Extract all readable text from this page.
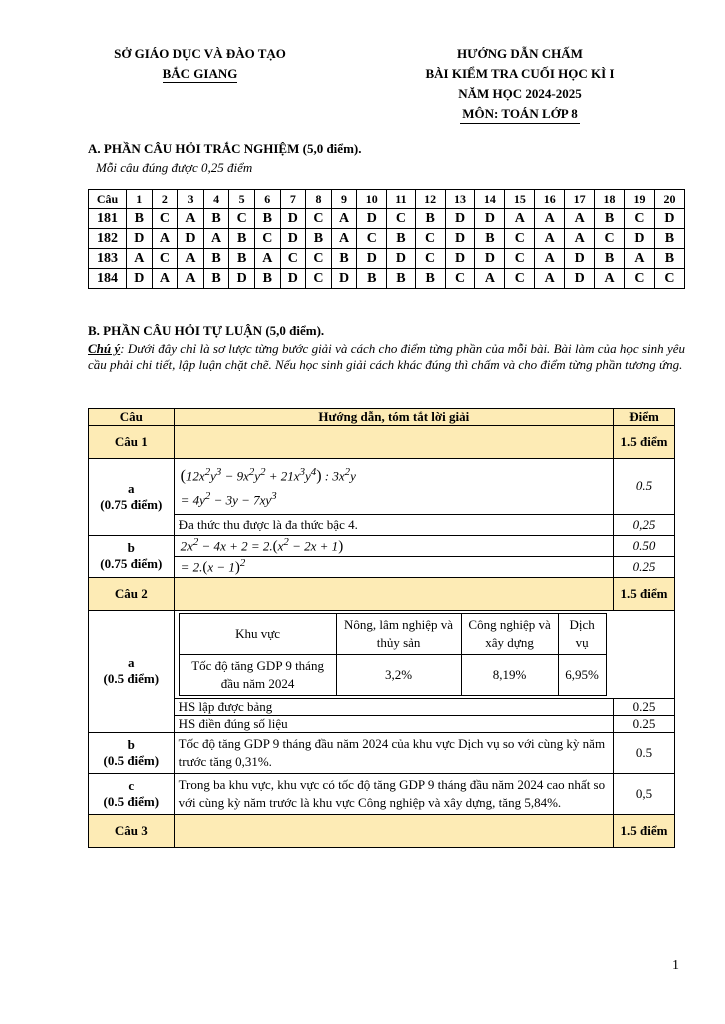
SỞ GIÁO DỤC VÀ ĐÀO TẠO
BẮC GIANG
HƯỚNG DẪN CHẤM
BÀI KIỂM TRA CUỐI HỌC KÌ I
NĂM HỌC 2024-2025
MÔN: TOÁN LỚP 8
A. PHẦN CÂU HỎI TRẮC NGHIỆM (5,0 điểm).
Mỗi câu đúng được 0,25 điểm
Câu	1	2	3	4	5	6	7	8	9	10	11	12	13	14	15	16	17	18	19	20
181	B	C	A	B	C	B	D	C	A	D	C	B	D	D	A	A	A	B	C	D
182	D	A	D	A	B	C	D	B	A	C	B	C	D	B	C	A	A	C	D	B
183	A	C	A	B	B	A	C	C	B	D	D	C	D	D	C	A	D	B	A	B
184	D	A	A	B	D	B	D	C	D	B	B	B	C	A	C	A	D	A	C	C
B. PHẦN CÂU HỎI TỰ LUẬN (5,0 điểm).
Chú ý: Dưới đây chỉ là sơ lược từng bước giải và cách cho điểm từng phần của mỗi bài. Bài làm của học sinh yêu cầu phải chi tiết, lập luận chặt chẽ. Nếu học sinh giải cách khác đúng thì chấm và cho điểm từng phần tương ứng.
Câu	Hướng dẫn, tóm tắt lời giải	Điểm
Câu 1		1.5 điểm

a
(0.75 điểm)

$(12x^2y^3 - 9x^2y^2 + 21x^3y^4)$ : $3x^2y$
= $4y^2 - 3y - 7xy^3$
	0.5
Đa thức thu được là đa thức bậc 4.	0,25

b
(0.75 điểm)
	$2x^2 - 4x + 2 = 2.(x^2 - 2x + 1)$	0.50
= $2.(x - 1)^2$	0.25
Câu 2		1.5 điểm

a
(0.5 điểm)

Khu vực	Nông, lâm nghiệp và thủy sản	Công nghiệp và xây dựng	Dịch vụ
Tốc độ tăng GDP 9 tháng đầu năm 2024	3,2%	8,19%	6,95%

HS lập được bảng	0.25
HS điền đúng số liệu	0.25

b
(0.5 điểm)
	Tốc độ tăng GDP 9 tháng đầu năm 2024 của khu vực Dịch vụ so với cùng kỳ năm trước tăng 0,31%.	0.5

c
(0.5 điểm)
	Trong ba khu vực, khu vực có tốc độ tăng GDP 9 tháng đầu năm 2024 cao nhất so với cùng kỳ năm trước là khu vực Công nghiệp và xây dựng, tăng 5,84%.	0,5
Câu 3		1.5 điểm
1
